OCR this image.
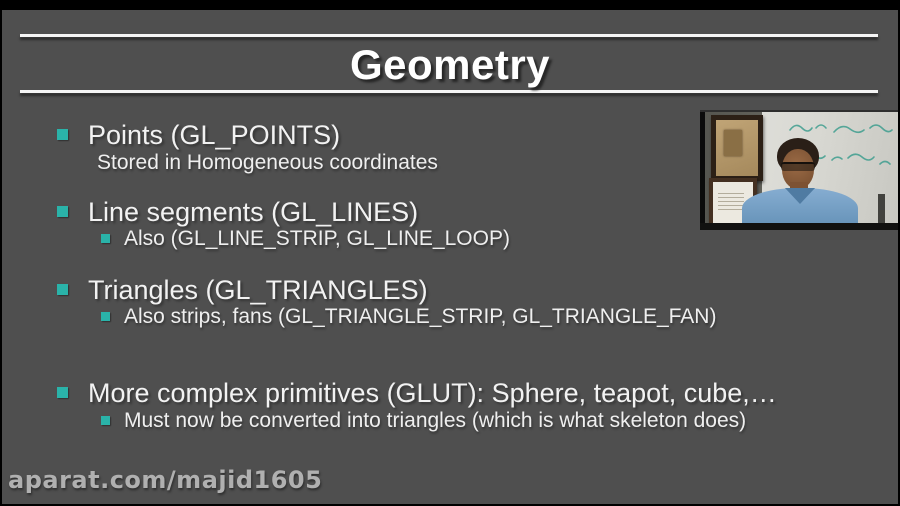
Geometry
Points (GL_POINTS)
Stored in Homogeneous coordinates
Line segments (GL_LINES)
Also (GL_LINE_STRIP, GL_LINE_LOOP)
Triangles (GL_TRIANGLES)
Also strips, fans (GL_TRIANGLE_STRIP, GL_TRIANGLE_FAN)
More complex primitives (GLUT): Sphere, teapot, cube,…
Must now be converted into triangles (which is what skeleton does)
aparat.com/majid1605
